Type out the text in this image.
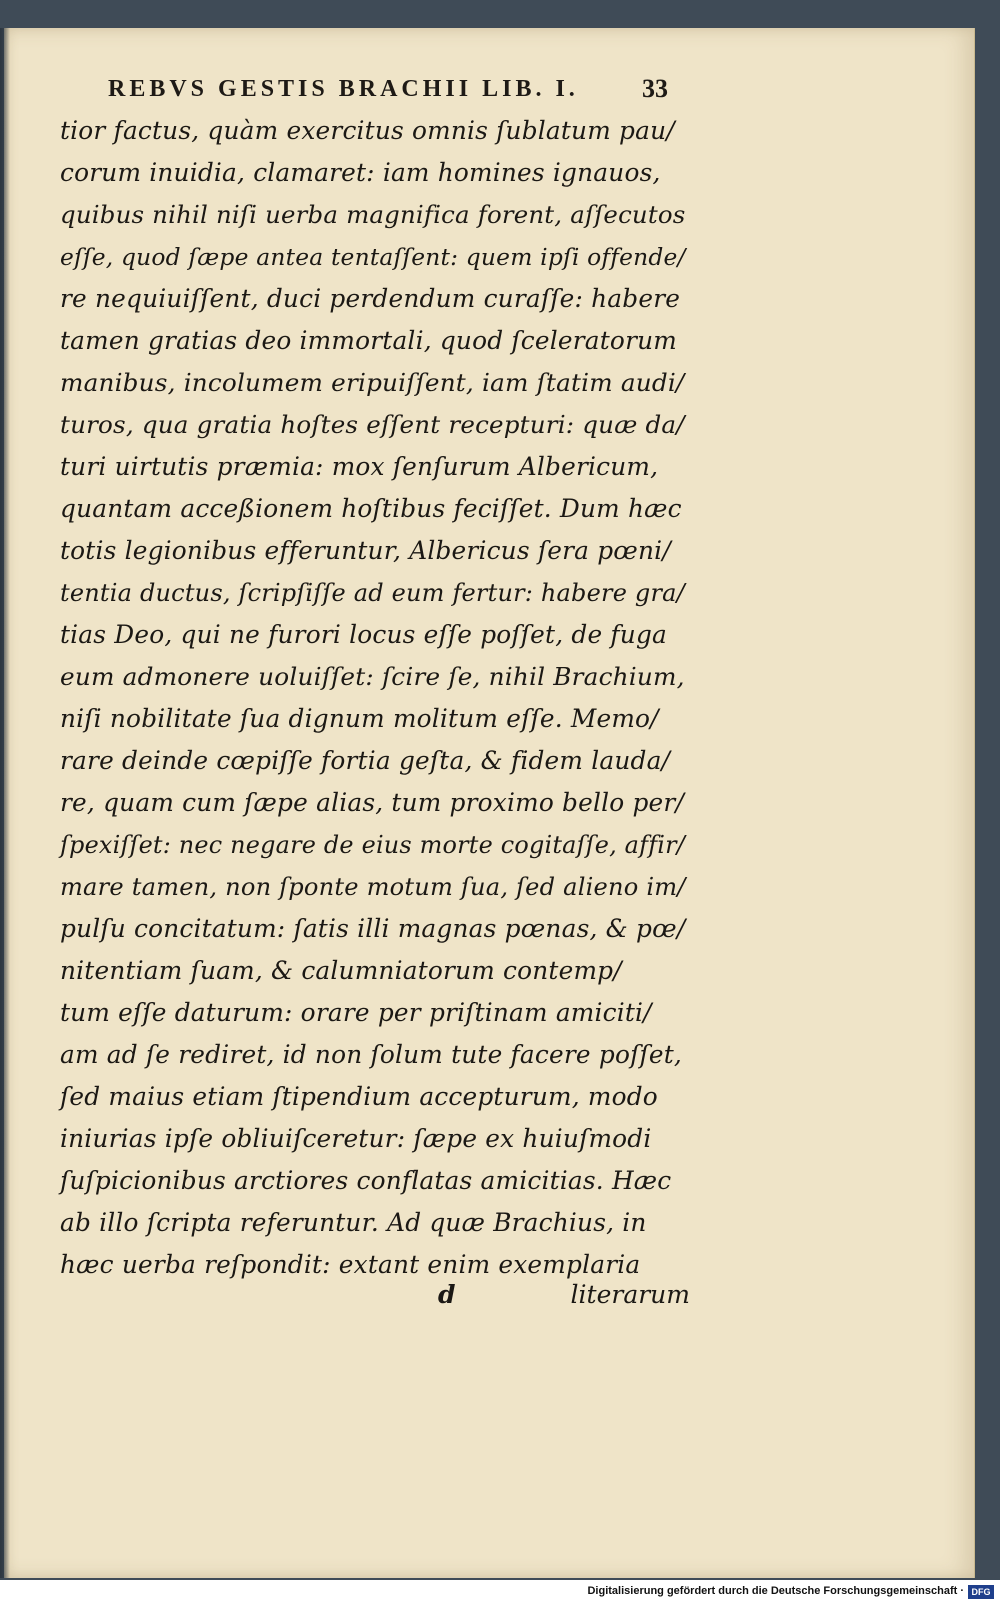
REBVS GESTIS BRACHII LIB. I. 33
tior factus, quàm exercitus omnis ſublatum pau/
corum inuidia, clamaret: iam homines ignauos,
quibus nihil niſi uerba magnifica forent, aſſecutos
eſſe, quod ſæpe antea tentaſſent: quem ipſi offende/
re nequiuiſſent, duci perdendum curaſſe: habere
tamen gratias deo immortali, quod ſceleratorum
manibus, incolumem eripuiſſent, iam ſtatim audi/
turos, qua gratia hoſtes eſſent recepturi: quæ da/
turi uirtutis præmia: mox ſenſurum Albericum,
quantam acceßionem hoſtibus feciſſet. Dum hæc
totis legionibus efferuntur, Albericus ſera pœni/
tentia ductus, ſcripſiſſe ad eum fertur: habere gra/
tias Deo, qui ne furori locus eſſe poſſet, de fuga
eum admonere uoluiſſet: ſcire ſe, nihil Brachium,
niſi nobilitate ſua dignum molitum eſſe. Memo/
rare deinde cœpiſſe fortia geſta, & fidem lauda/
re, quam cum ſæpe alias, tum proximo bello per/
ſpexiſſet: nec negare de eius morte cogitaſſe, affir/
mare tamen, non ſponte motum ſua, ſed alieno im/
pulſu concitatum: ſatis illi magnas pœnas, & pœ/
nitentiam ſuam, & calumniatorum contemp/
tum eſſe daturum: orare per priſtinam amiciti/
am ad ſe rediret, id non ſolum tute facere poſſet,
ſed maius etiam ſtipendium accepturum, modo
iniurias ipſe obliuiſceretur: ſæpe ex huiuſmodi
ſuſpicionibus arctiores conflatas amicitias. Hæc
ab illo ſcripta referuntur. Ad quæ Brachius, in
hæc uerba reſpondit: extant enim exemplaria
d	literarum
Digitalisierung gefördert durch die Deutsche Forschungsgemeinschaft · DFG
